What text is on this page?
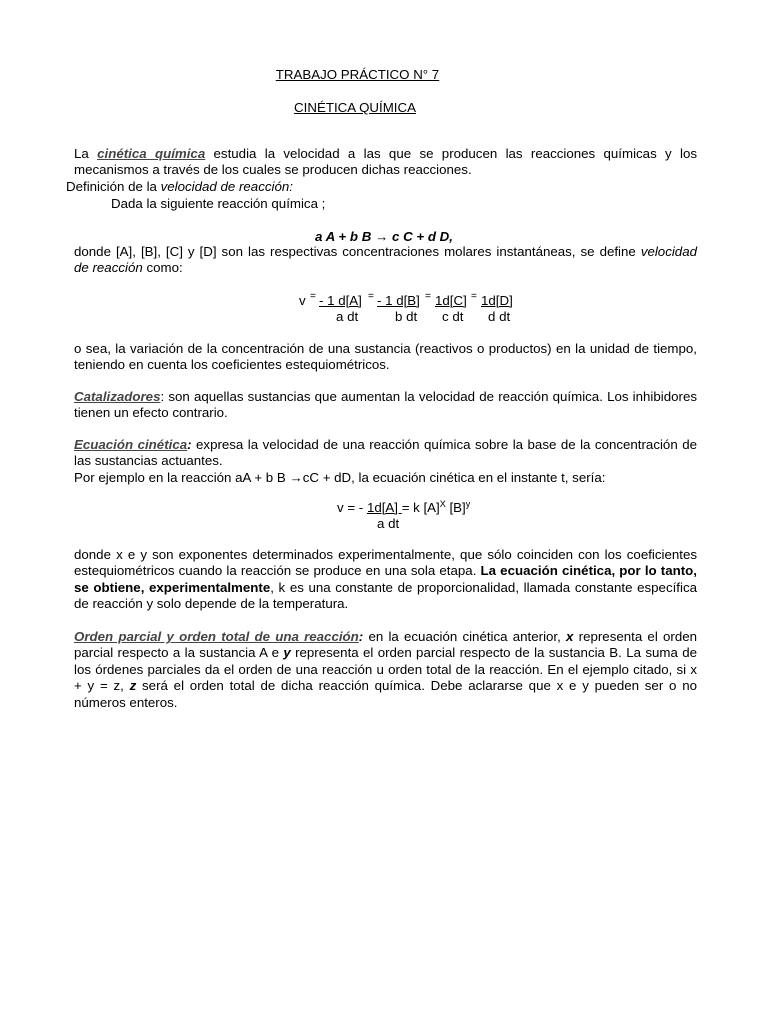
TRABAJO PRÁCTICO N° 7
CINÉTICA QUÍMICA
La cinética química estudia la velocidad a las que se producen las reacciones químicas y los mecanismos a través de los cuales se producen dichas reacciones.
Definición de la velocidad de reacción:
Dada la siguiente reacción química ;
a A + b B → c C + d D,
donde [A], [B], [C] y [D] son las respectivas concentraciones molares instantáneas, se define velocidad de reacción como:
v = - 1 d[A] = - 1 d[B] = 1d[C] = 1d[D]
a dt	b dt c dt d dt
o sea, la variación de la concentración de una sustancia (reactivos o productos) en la unidad de tiempo, teniendo en cuenta los coeficientes estequiométricos.
Catalizadores: son aquellas sustancias que aumentan la velocidad de reacción química. Los inhibidores tienen un efecto contrario.
Ecuación cinética: expresa la velocidad de una reacción química sobre la base de la concentración de las sustancias actuantes.
Por ejemplo en la reacción aA + b B →cC + dD, la ecuación cinética en el instante t, sería:
v = - 1d[A] = k $[A]^X$ $[B]^y$
a dt
donde x e y son exponentes determinados experimentalmente, que sólo coinciden con los coeficientes estequiométricos cuando la reacción se produce en una sola etapa. La ecuación cinética, por lo tanto, se obtiene, experimentalmente, k es una constante de proporcionalidad, llamada constante específica de reacción y solo depende de la temperatura.
Orden parcial y orden total de una reacción: en la ecuación cinética anterior, x representa el orden parcial respecto a la sustancia A e y representa el orden parcial respecto de la sustancia B. La suma de los órdenes parciales da el orden de una reacción u orden total de la reacción. En el ejemplo citado, si x + y = z, z será el orden total de dicha reacción química. Debe aclararse que x e y pueden ser o no números enteros.
